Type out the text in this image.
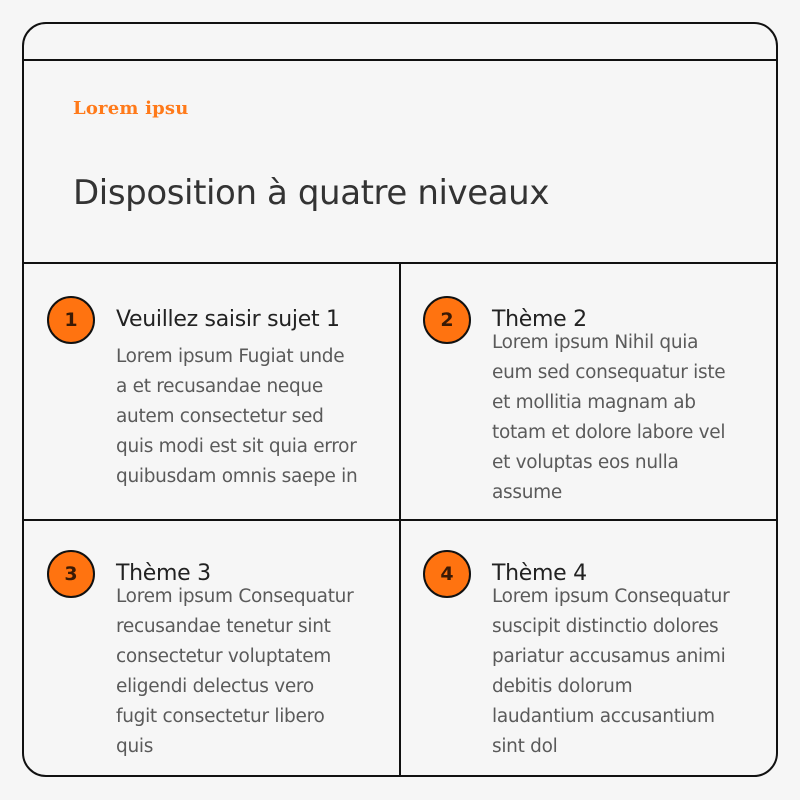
Lorem ipsu
Disposition à quatre niveaux
1 Veuillez saisir sujet 1
Lorem ipsum Fugiat unde
a et recusandae neque
autem consectetur sed
quis modi est sit quia error
quibusdam omnis saepe in
2 Thème 2
Lorem ipsum Nihil quia
eum sed consequatur iste
et mollitia magnam ab
totam et dolore labore vel
et voluptas eos nulla
assume
3 Thème 3
Lorem ipsum Consequatur
recusandae tenetur sint
consectetur voluptatem
eligendi delectus vero
fugit consectetur libero
quis
4 Thème 4
Lorem ipsum Consequatur
suscipit distinctio dolores
pariatur accusamus animi
debitis dolorum
laudantium accusantium
sint dol
